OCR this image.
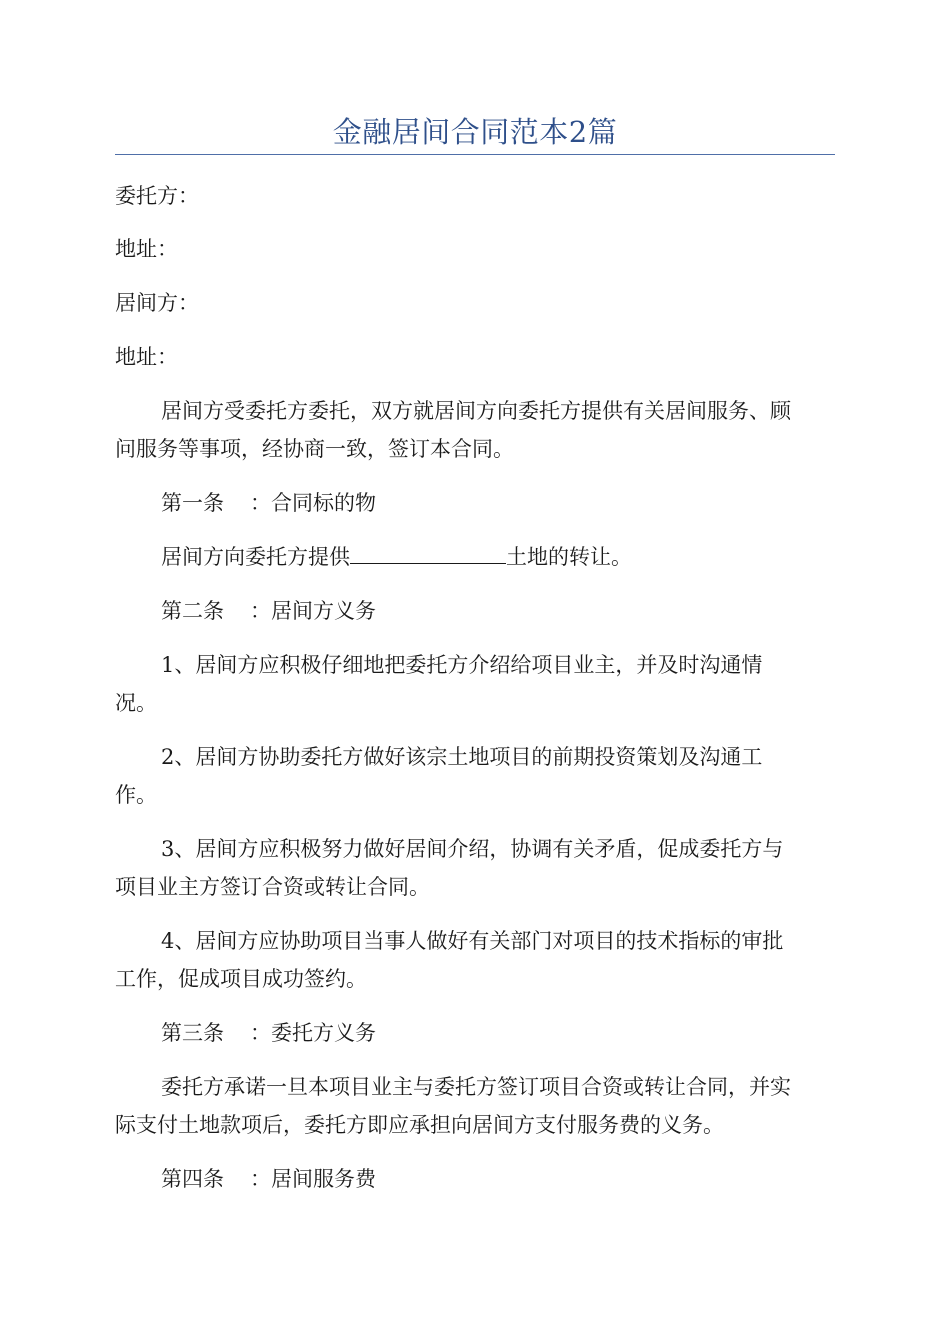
金融居间合同范本2篇
委托方：
地址：
居间方：
地址：
居间方受委托方委托，双方就居间方向委托方提供有关居间服务、顾
问服务等事项，经协商一致，签订本合同。
第一条 ：合同标的物
居间方向委托方提供	土地的转让。
第二条 ：居间方义务
1、居间方应积极仔细地把委托方介绍给项目业主，并及时沟通情
况。
2、居间方协助委托方做好该宗土地项目的前期投资策划及沟通工
作。
3、居间方应积极努力做好居间介绍，协调有关矛盾，促成委托方与
项目业主方签订合资或转让合同。
4、居间方应协助项目当事人做好有关部门对项目的技术指标的审批
工作，促成项目成功签约。
第三条 ：委托方义务
委托方承诺一旦本项目业主与委托方签订项目合资或转让合同，并实
际支付土地款项后，委托方即应承担向居间方支付服务费的义务。
第四条 ：居间服务费
